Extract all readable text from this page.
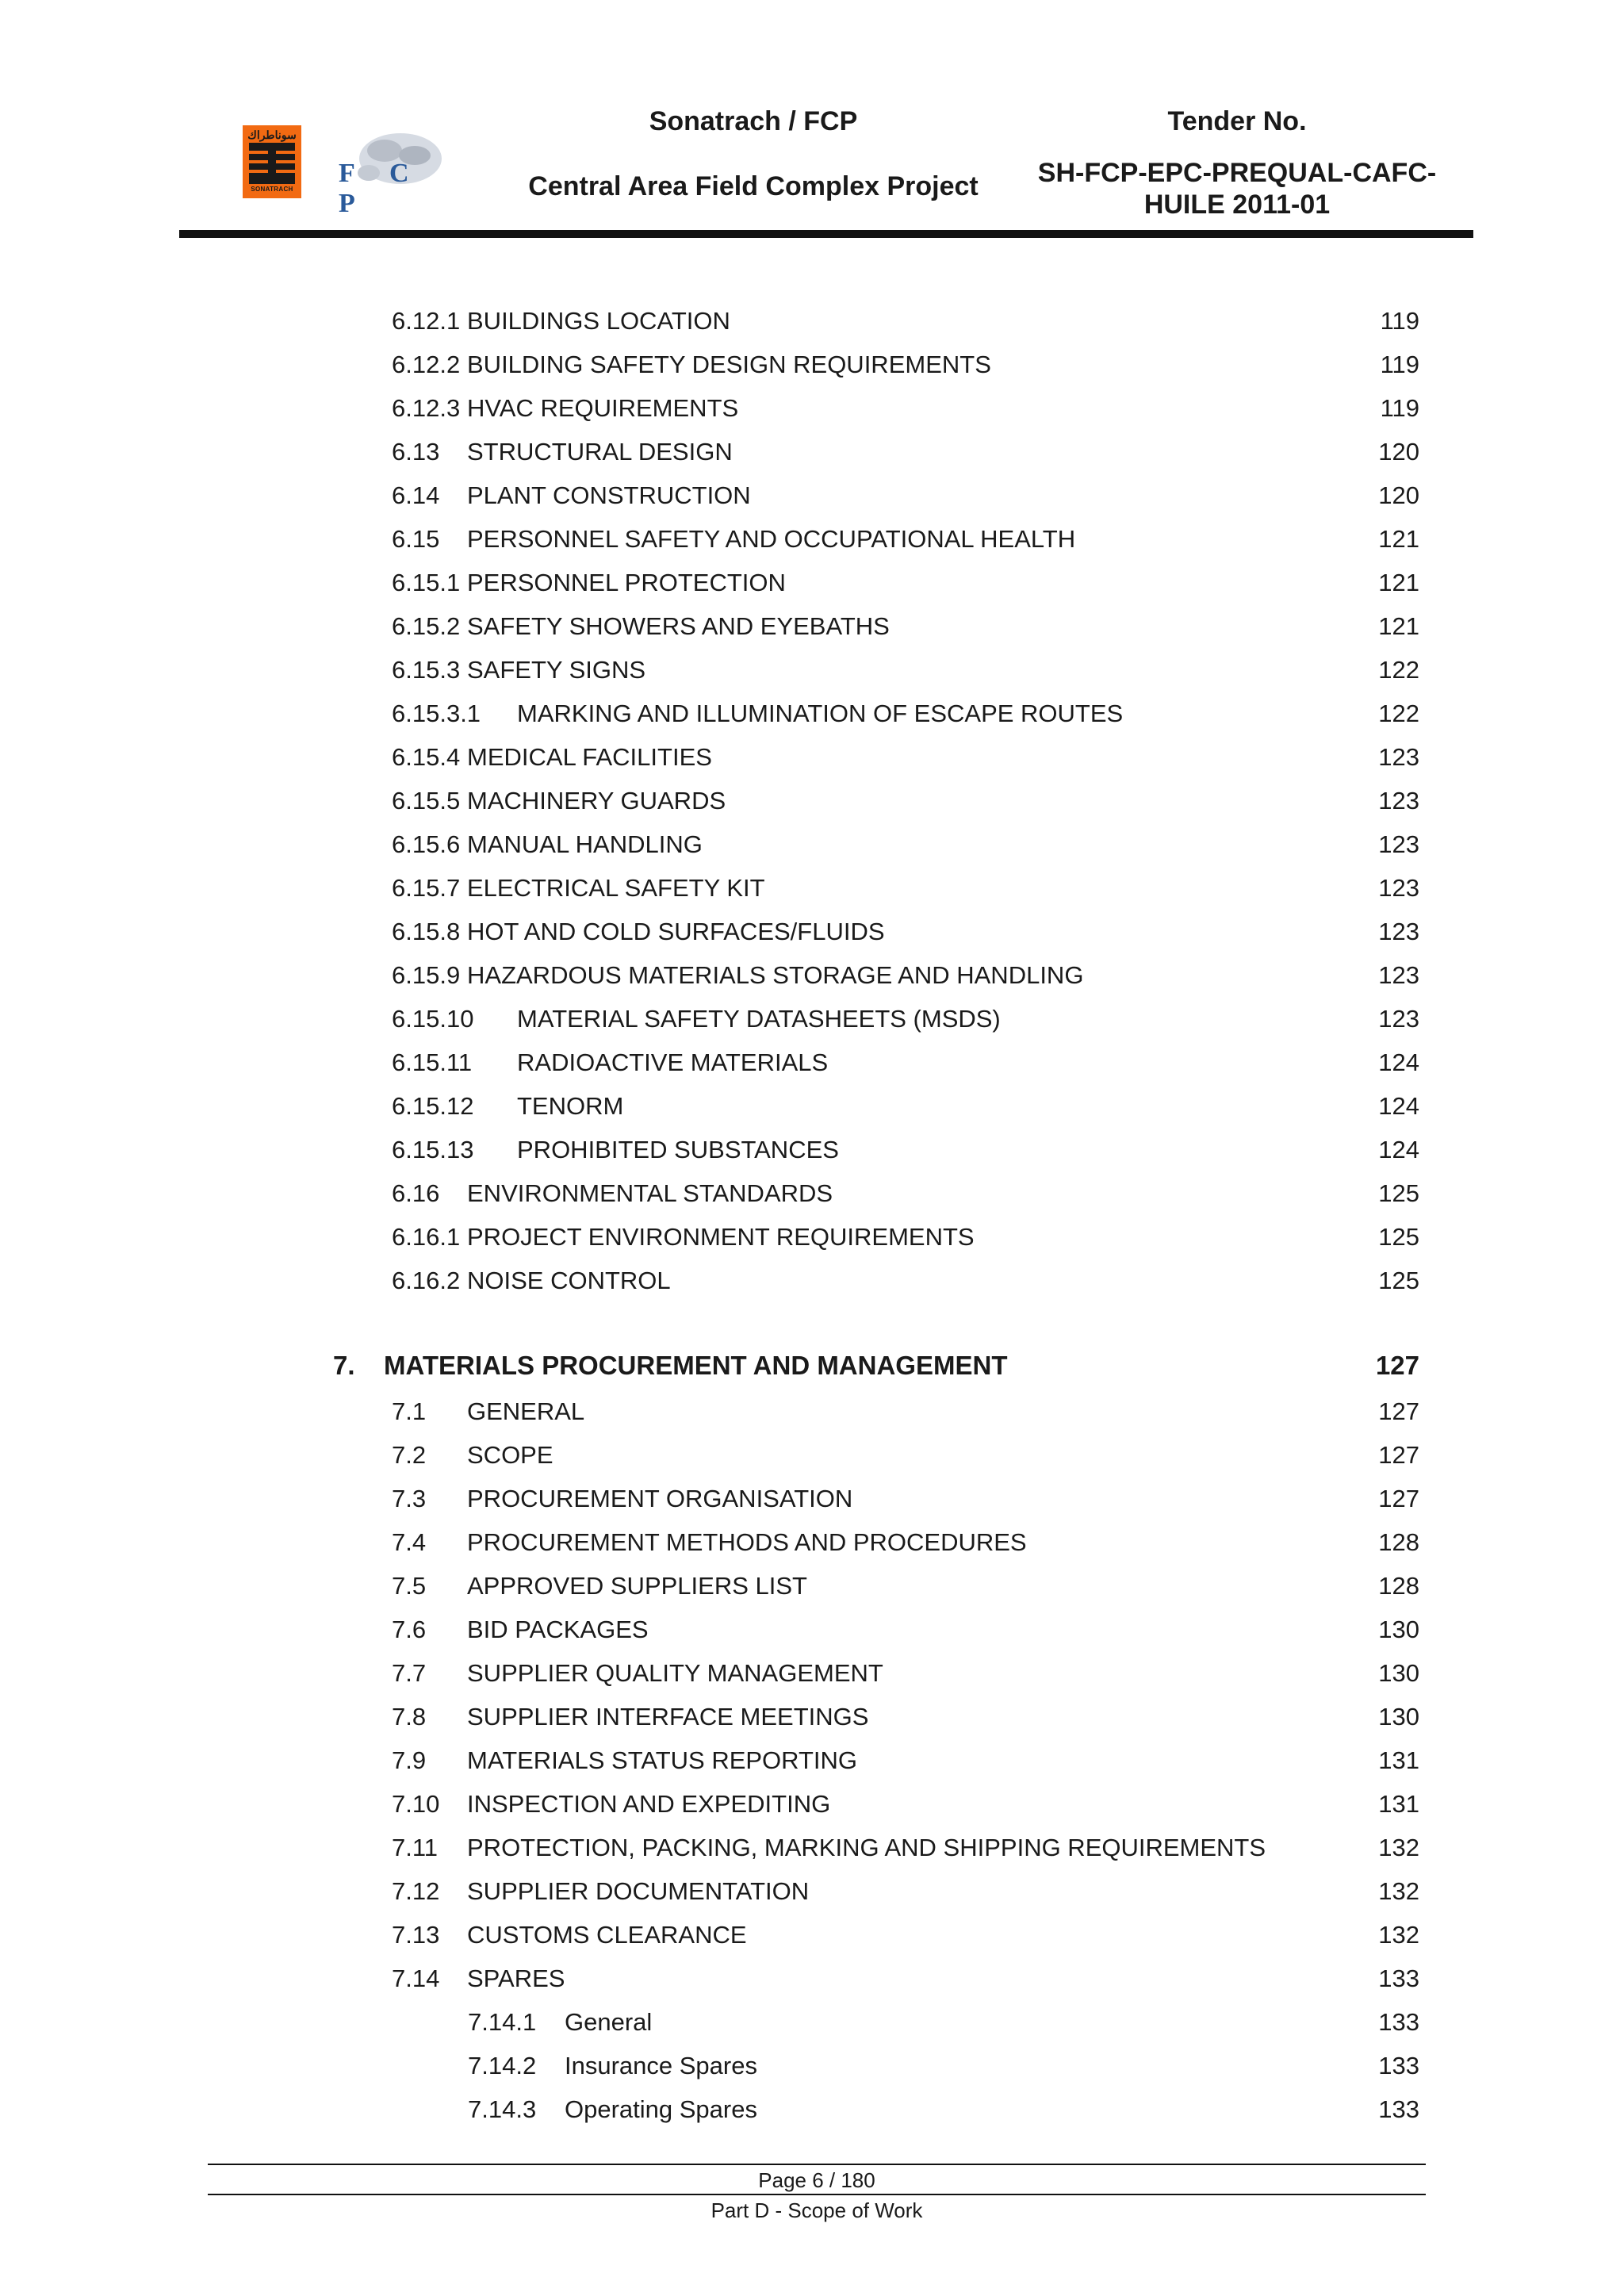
سوناطراك
SONATRACH
F C P
Sonatrach / FCP
Central Area Field Complex Project
Tender No.
SH-FCP-EPC-PREQUAL-CAFC-
HUILE 2011-01
6.12.1 BUILDINGS LOCATION	119
6.12.2 BUILDING SAFETY DESIGN REQUIREMENTS	119
6.12.3 HVAC REQUIREMENTS	119
6.13 STRUCTURAL DESIGN	120
6.14 PLANT CONSTRUCTION	120
6.15 PERSONNEL SAFETY AND OCCUPATIONAL HEALTH	121
6.15.1 PERSONNEL PROTECTION	121
6.15.2 SAFETY SHOWERS AND EYEBATHS	121
6.15.3 SAFETY SIGNS	122
6.15.3.1 MARKING AND ILLUMINATION OF ESCAPE ROUTES	122
6.15.4 MEDICAL FACILITIES	123
6.15.5 MACHINERY GUARDS	123
6.15.6 MANUAL HANDLING	123
6.15.7 ELECTRICAL SAFETY KIT	123
6.15.8 HOT AND COLD SURFACES/FLUIDS	123
6.15.9 HAZARDOUS MATERIALS STORAGE AND HANDLING	123
6.15.10 MATERIAL SAFETY DATASHEETS (MSDS)	123
6.15.11 RADIOACTIVE MATERIALS	124
6.15.12 TENORM	124
6.15.13 PROHIBITED SUBSTANCES	124
6.16 ENVIRONMENTAL STANDARDS	125
6.16.1 PROJECT ENVIRONMENT REQUIREMENTS	125
6.16.2 NOISE CONTROL	125
7. MATERIALS PROCUREMENT AND MANAGEMENT	127
7.1 GENERAL	127
7.2 SCOPE	127
7.3 PROCUREMENT ORGANISATION	127
7.4 PROCUREMENT METHODS AND PROCEDURES	128
7.5 APPROVED SUPPLIERS LIST	128
7.6 BID PACKAGES	130
7.7 SUPPLIER QUALITY MANAGEMENT	130
7.8 SUPPLIER INTERFACE MEETINGS	130
7.9 MATERIALS STATUS REPORTING	131
7.10 INSPECTION AND EXPEDITING	131
7.11 PROTECTION, PACKING, MARKING AND SHIPPING REQUIREMENTS	132
7.12 SUPPLIER DOCUMENTATION	132
7.13 CUSTOMS CLEARANCE	132
7.14 SPARES	133
7.14.1 General	133
7.14.2 Insurance Spares	133
7.14.3 Operating Spares	133
Page 6 / 180
Part D - Scope of Work
